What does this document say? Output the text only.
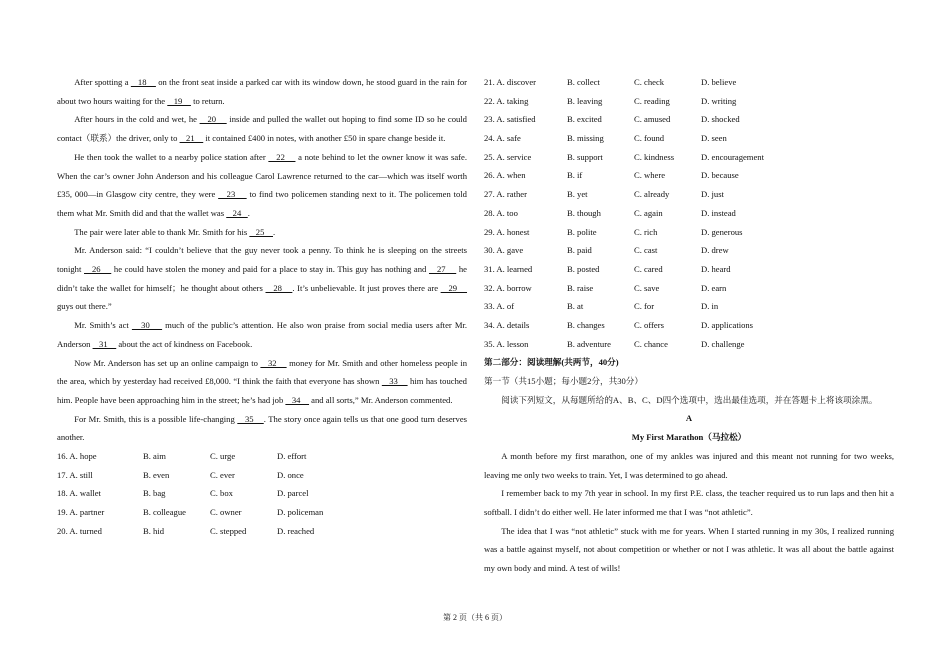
After spotting a    18     on the front seat inside a parked car with its window down, he stood guard in the rain for about two hours waiting for the    19     to return.

After hours in the cold and wet, he    20     inside and pulled the wallet out hoping to find some ID so he could contact（联系）the driver, only to    21     it contained £400 in notes, with another £50 in spare change beside it.

He then took the wallet to a nearby police station after    22     a note behind to let the owner know it was safe. When the car’s owner John Anderson and his colleague Carol Lawrence returned to the car—which was itself worth £35, 000—in Glasgow city centre, they were    23     to find two policemen standing next to it. The policemen told them what Mr. Smith did and that the wallet was    24   .

The pair were later able to thank Mr. Smith for his    25    .

Mr. Anderson said: “I couldn’t believe that the guy never took a penny. To think he is sleeping on the streets tonight    26     he could have stolen the money and paid for a place to stay in. This guy has nothing and    27     he didn’t take the wallet for himself；he thought about others    28    . It’s unbelievable. It just proves there are    29     guys out there.”

Mr. Smith’s act    30     much of the public’s attention. He also won praise from social media users after Mr. Anderson    31     about the act of kindness on Facebook.

Now Mr. Anderson has set up an online campaign to    32     money for Mr. Smith and other homeless people in the area, which by yesterday had received £8,000. “I think the faith that everyone has shown    33     him has touched him. People have been approaching him in the street; he’s had job    34     and all sorts,” Mr. Anderson commented.

For Mr. Smith, this is a possible life-changing    35    . The story once again tells us that one good turn deserves another.

16. A. hope	B. aim	C. urge	D. effort
17. A. still	B. even	C. ever	D. once
18. A. wallet	B. bag	C. box	D. parcel
19. A. partner	B. colleague	C. owner	D. policeman
20. A. turned	B. hid	C. stepped	D. reached
21. A. discover	B. collect	C. check	D. believe
22. A. taking	B. leaving	C. reading	D. writing
23. A. satisfied	B. excited	C. amused	D. shocked
24. A. safe	B. missing	C. found	D. seen
25. A. service	B. support	C. kindness	D. encouragement
26. A. when	B. if	C. where	D. because
27. A. rather	B. yet	C. already	D. just
28. A. too	B. though	C. again	D. instead
29. A. honest	B. polite	C. rich	D. generous
30. A. gave	B. paid	C. cast	D. drew
31. A. learned	B. posted	C. cared	D. heard
32. A. borrow	B. raise	C. save	D. earn
33. A. of	B. at	C. for	D. in
34. A. details	B. changes	C. offers	D. applications
35. A. lesson	B. adventure	C. chance	D. challenge
第二部分：阅读理解(共两节，40分)
第一节（共15小题；每小题2分，共30分）
阅读下列短文，从每题所给的A、B、C、D四个选项中，选出最佳选项，并在答题卡上将该项涂黑。
A
My First Marathon（马拉松）

A month before my first marathon, one of my ankles was injured and this meant not running for two weeks, leaving me only two weeks to train. Yet, I was determined to go ahead.

I remember back to my 7th year in school. In my first P.E. class, the teacher required us to run laps and then hit a softball. I didn’t do either well. He later informed me that I was “not athletic”.

The idea that I was “not athletic” stuck with me for years. When I started running in my 30s, I realized running was a battle against myself, not about competition or whether or not I was athletic. It was all about the battle against my own body and mind. A test of wills!

第 2 页（共 6 页）
